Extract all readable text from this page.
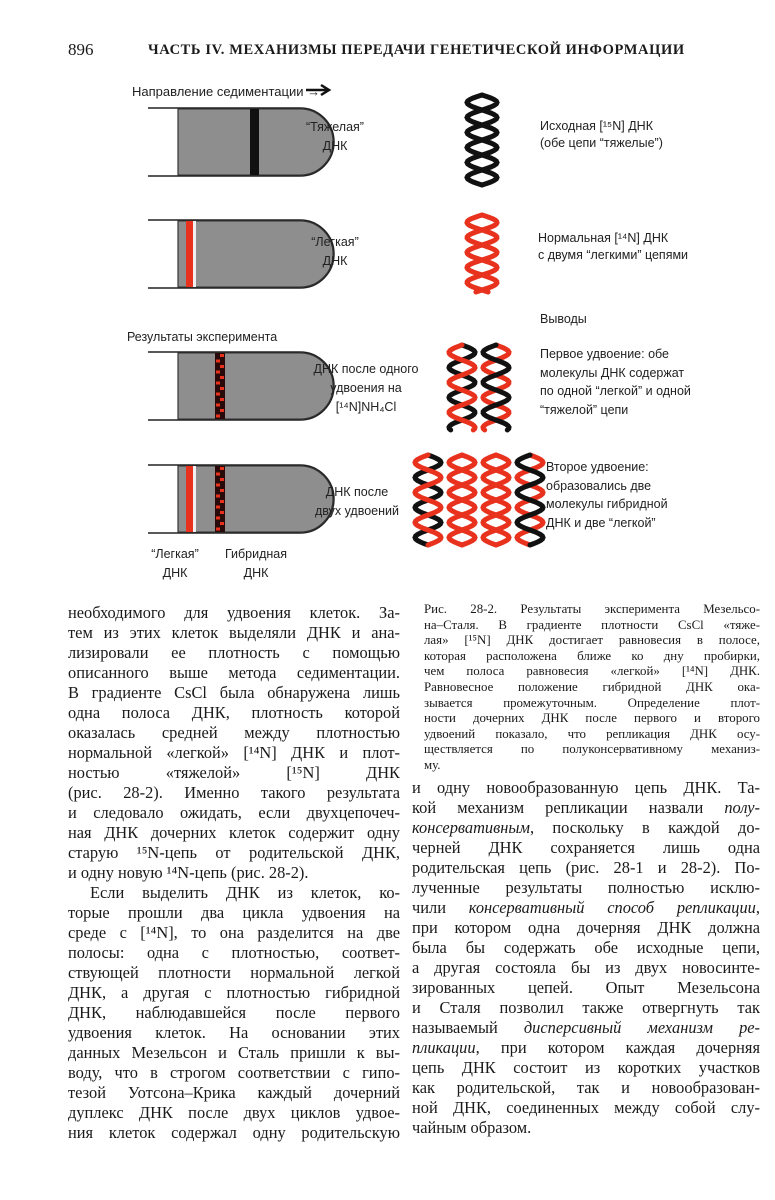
896	ЧАСТЬ IV. МЕХАНИЗМЫ ПЕРЕДАЧИ ГЕНЕТИЧЕСКОЙ ИНФОРМАЦИИ
Направление седиментации →
“Тяжелая”
ДНК
“Легкая”
ДНК
Результаты эксперимента
ДНК после одного
удвоения на
[¹⁴N]NH₄Cl
ДНК после
двух удвоений
“Легкая”
ДНК
Гибридная
ДНК
Исходная [¹⁵N] ДНК
(обе цепи “тяжелые”)
Нормальная [¹⁴N] ДНК
с двумя “легкими” цепями
Выводы
Первое удвоение: обе
молекулы ДНК содержат
по одной “легкой” и одной
“тяжелой” цепи
Второе удвоение:
образовались две
молекулы гибридной
ДНК и две “легкой”
Рис. 28-2. Результаты эксперимента Мезельсо-
на–Сталя. В градиенте плотности CsCl «тяже-
лая» [¹⁵N] ДНК достигает равновесия в полосе,
которая расположена ближе ко дну пробирки,
чем полоса равновесия «легкой» [¹⁴N] ДНК.
Равновесное положение гибридной ДНК ока-
зывается промежуточным. Определение плот-
ности дочерних ДНК после первого и второго
удвоений показало, что репликация ДНК осу-
ществляется по полуконсервативному механиз-
му.
необходимого для удвоения клеток. За-
тем из этих клеток выделяли ДНК и ана-
лизировали ее плотность с помощью
описанного выше метода седиментации.
В градиенте CsCl была обнаружена лишь
одна полоса ДНК, плотность которой
оказалась средней между плотностью
нормальной «легкой» [¹⁴N] ДНК и плот-
ностью «тяжелой» [¹⁵N] ДНК
(рис. 28-2). Именно такого результата
и следовало ожидать, если двухцепочеч-
ная ДНК дочерних клеток содержит одну
старую ¹⁵N-цепь от родительской ДНК,
и одну новую ¹⁴N-цепь (рис. 28-2).
Если выделить ДНК из клеток, ко-
торые прошли два цикла удвоения на
среде с [¹⁴N], то она разделится на две
полосы: одна с плотностью, соответ-
ствующей плотности нормальной легкой
ДНК, а другая с плотностью гибридной
ДНК, наблюдавшейся после первого
удвоения клеток. На основании этих
данных Мезельсон и Сталь пришли к вы-
воду, что в строгом соответствии с гипо-
тезой Уотсона–Крика каждый дочерний
дуплекс ДНК после двух циклов удвое-
ния клеток содержал одну родительскую
и одну новообразованную цепь ДНК. Та-
кой механизм репликации назвали полу-
консервативным, поскольку в каждой до-
черней ДНК сохраняется лишь одна
родительская цепь (рис. 28-1 и 28-2). По-
лученные результаты полностью исклю-
чили консервативный способ репликации,
при котором одна дочерняя ДНК должна
была бы содержать обе исходные цепи,
а другая состояла бы из двух новосинте-
зированных цепей. Опыт Мезельсона
и Сталя позволил также отвергнуть так
называемый дисперсивный механизм ре-
пликации, при котором каждая дочерняя
цепь ДНК состоит из коротких участков
как родительской, так и новообразован-
ной ДНК, соединенных между собой слу-
чайным образом.
